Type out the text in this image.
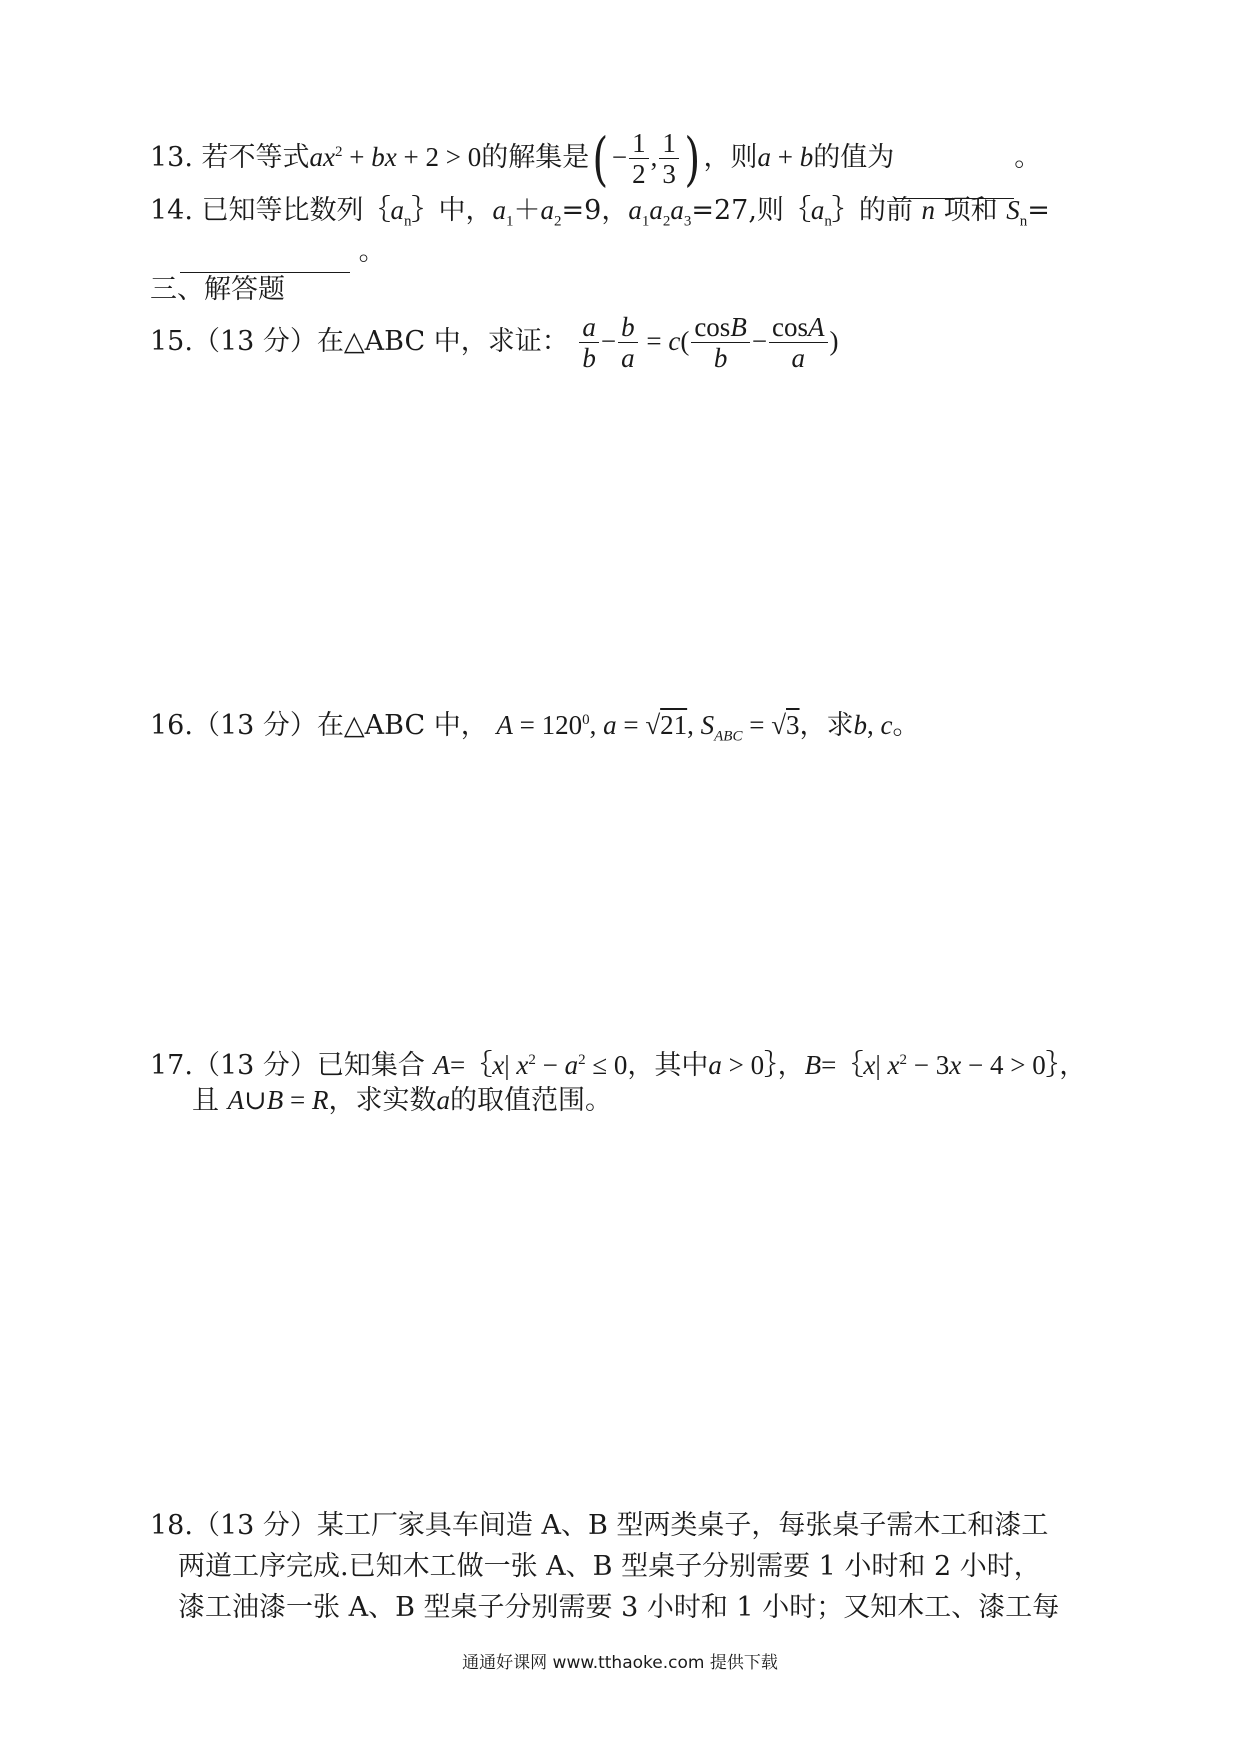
13. 若不等式$ax^2$ + bx + 2 > 0的解集是( − $\frac{1}{2}$ , $\frac{1}{3}$ ) ，则a + b的值为	。
14. 已知等比数列$\{a_n\}$中，$a_1+a_2=9$，$a_1a_2a_3=27$,则$\{a_n\}$的前 n 项和 $S_n=$
。
三、解答题
15.（13 分）在△ABC 中，求证： $\frac{a}{b} - \frac{b}{a} = c( \frac{\cos B}{b} - \frac{\cos A}{a}$ )
16.（13 分）在△ABC 中， $A = 120^0$, a = √21, $S_{ABC} = √3$，求b, c。
17.（13 分）已知集合 A=｛x| $x^2 - a^2 \le 0$，其中a > 0｝，B=｛x| $x^2 - 3x - 4$ > 0｝，
且 A∪B = R，求实数a的取值范围。
18.（13 分）某工厂家具车间造 A、B 型两类桌子，每张桌子需木工和漆工
两道工序完成.已知木工做一张 A、B 型桌子分别需要 1 小时和 2 小时，
漆工油漆一张 A、B 型桌子分别需要 3 小时和 1 小时；又知木工、漆工每
通通好课网 www.tthaoke.com 提供下载
